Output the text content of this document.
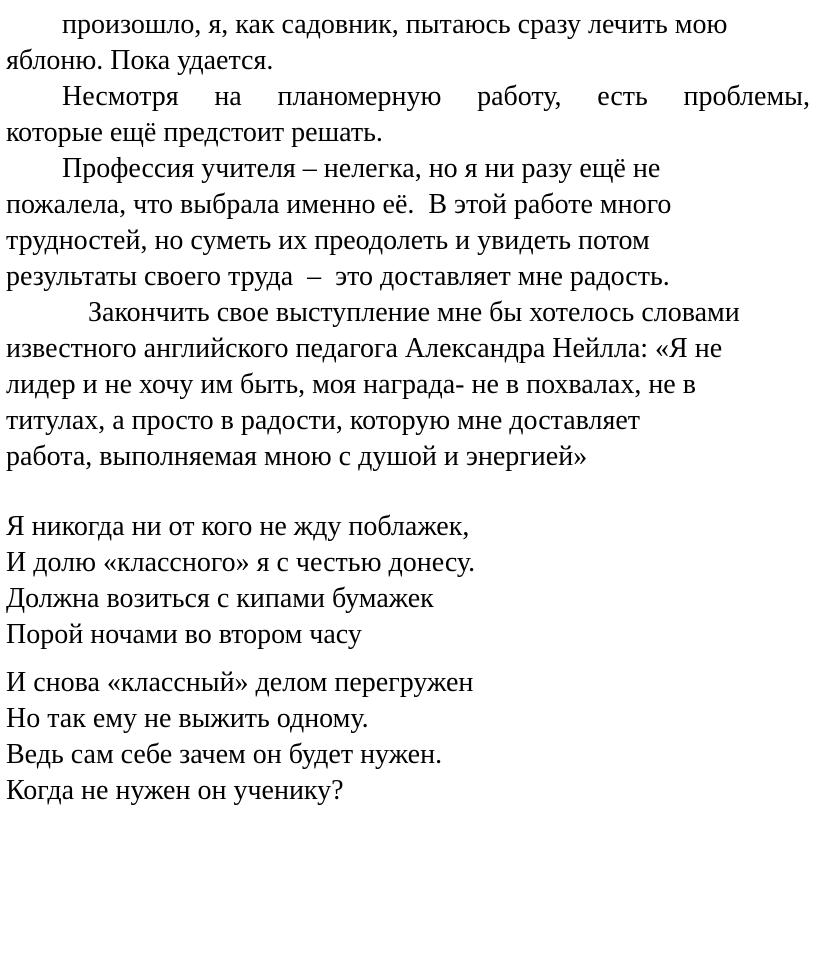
произошло, я, как садовник, пытаюсь сразу лечить мою
яблоню. Пока удается.
Несмотря на планомерную работу, есть проблемы,
которые ещё предстоит решать.
Профессия учителя – нелегка, но я ни разу ещё не
пожалела, что выбрала именно её.  В этой работе много
трудностей, но суметь их преодолеть и увидеть потом
результаты своего труда  –  это доставляет мне радость.
Закончить свое выступление мне бы хотелось словами
известного английского педагога Александра Нейлла: «Я не
лидер и не хочу им быть, моя награда- не в похвалах, не в
титулах, а просто в радости, которую мне доставляет
работа, выполняемая мною с душой и энергией»
Я никогда ни от кого не жду поблажек,
И долю «классного» я с честью донесу.
Должна возиться с кипами бумажек
Порой ночами во втором часу
И снова «классный» делом перегружен
Но так ему не выжить одному.
Ведь сам себе зачем он будет нужен.
Когда не нужен он ученику?
